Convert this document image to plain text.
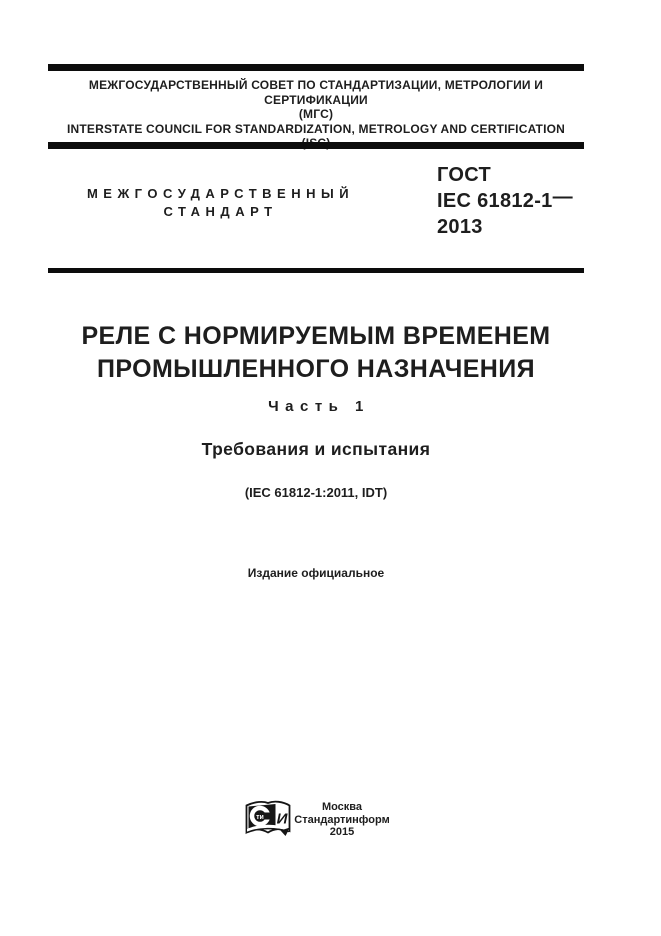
МЕЖГОСУДАРСТВЕННЫЙ СОВЕТ ПО СТАНДАРТИЗАЦИИ, МЕТРОЛОГИИ И СЕРТИФИКАЦИИ
(МГС)
INTERSTATE COUNCIL FOR STANDARDIZATION, METROLOGY AND CERTIFICATION
МЕЖГОСУДАРСТВЕННЫЙ
СТАНДАРТ
ГОСТ
IEC 61812-1—
2013
РЕЛЕ С НОРМИРУЕМЫМ ВРЕМЕНЕМ
ПРОМЫШЛЕННОГО НАЗНАЧЕНИЯ
Часть 1
Требования и испытания
(IEC 61812-1:2011, IDT)
Издание официальное
ти И
Москва
Стандартинформ
2015
